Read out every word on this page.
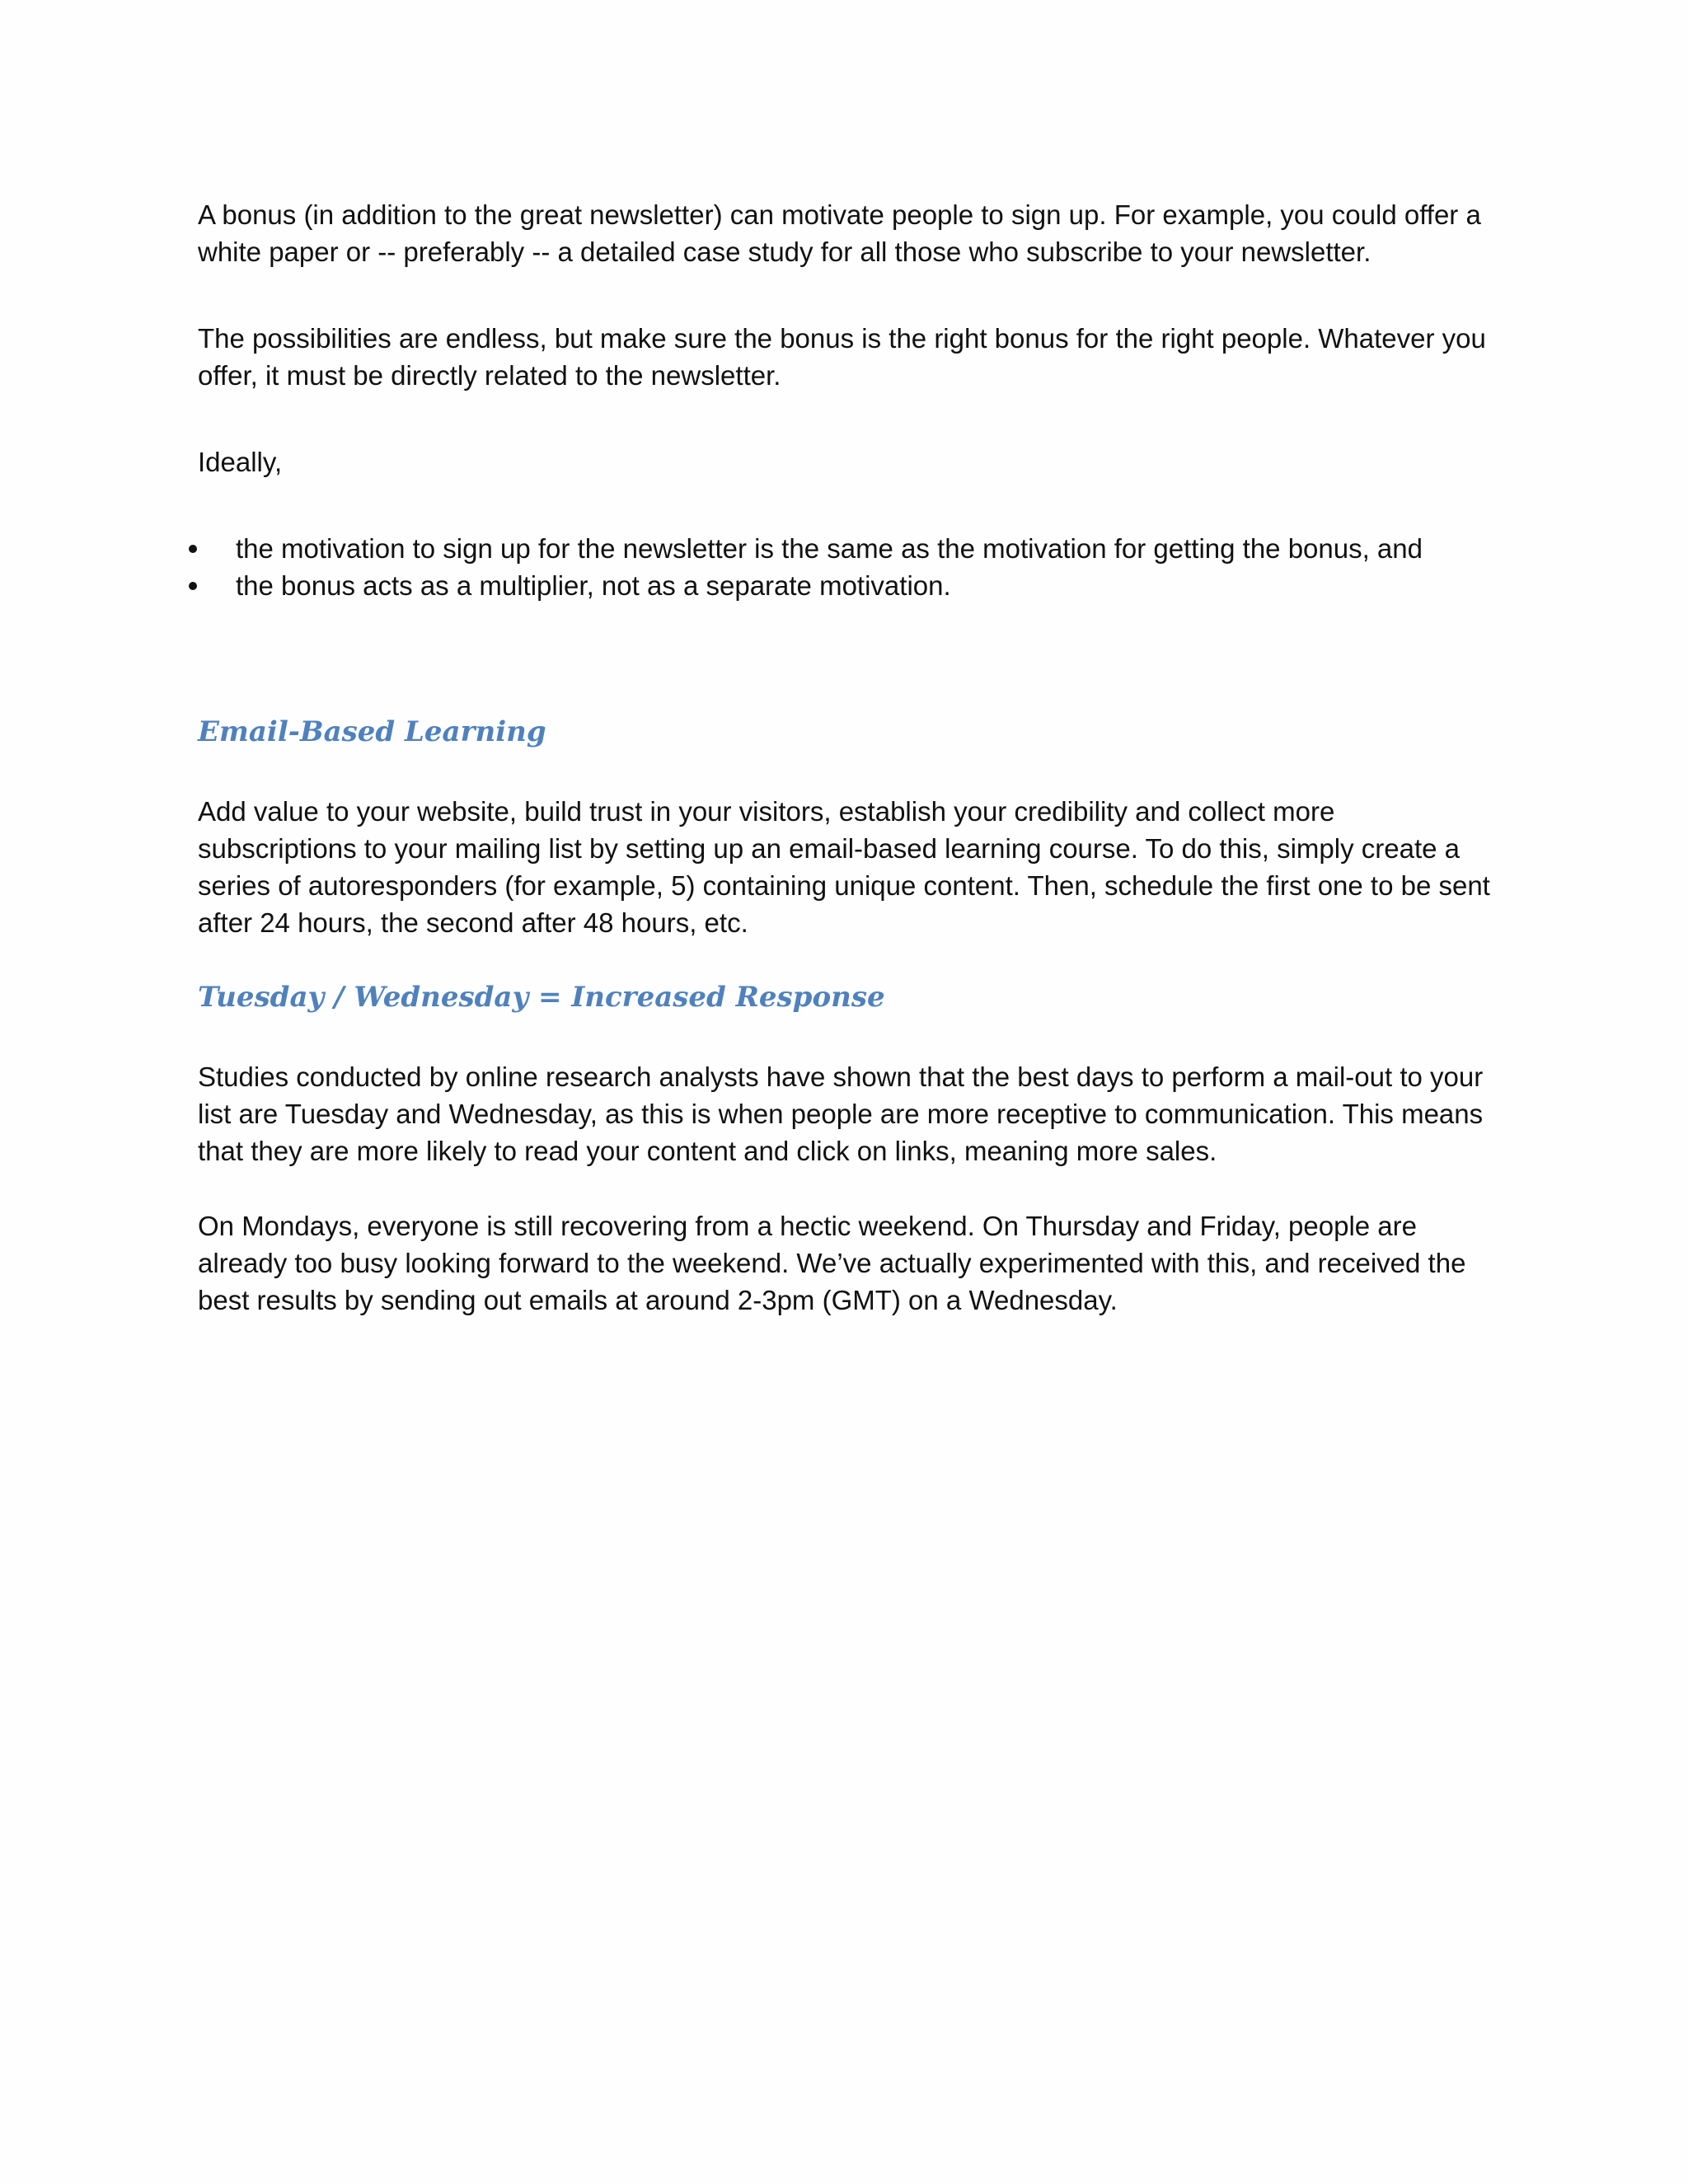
A bonus (in addition to the great newsletter) can motivate people to sign up. For example, you could offer a white paper or -- preferably -- a detailed case study for all those who subscribe to your newsletter.

The possibilities are endless, but make sure the bonus is the right bonus for the right people. Whatever you offer, it must be directly related to the newsletter.

Ideally,

the motivation to sign up for the newsletter is the same as the motivation for getting the bonus, and
the bonus acts as a multiplier, not as a separate motivation.
Email-Based Learning

Add value to your website, build trust in your visitors, establish your credibility and collect more subscriptions to your mailing list by setting up an email-based learning course. To do this, simply create a series of autoresponders (for example, 5) containing unique content. Then, schedule the first one to be sent after 24 hours, the second after 48 hours, etc.

Tuesday / Wednesday = Increased Response

Studies conducted by online research analysts have shown that the best days to perform a mail-out to your list are Tuesday and Wednesday, as this is when people are more receptive to communication. This means that they are more likely to read your content and click on links, meaning more sales.

On Mondays, everyone is still recovering from a hectic weekend. On Thursday and Friday, people are already too busy looking forward to the weekend. We’ve actually experimented with this, and received the best results by sending out emails at around 2-3pm (GMT) on a Wednesday.
